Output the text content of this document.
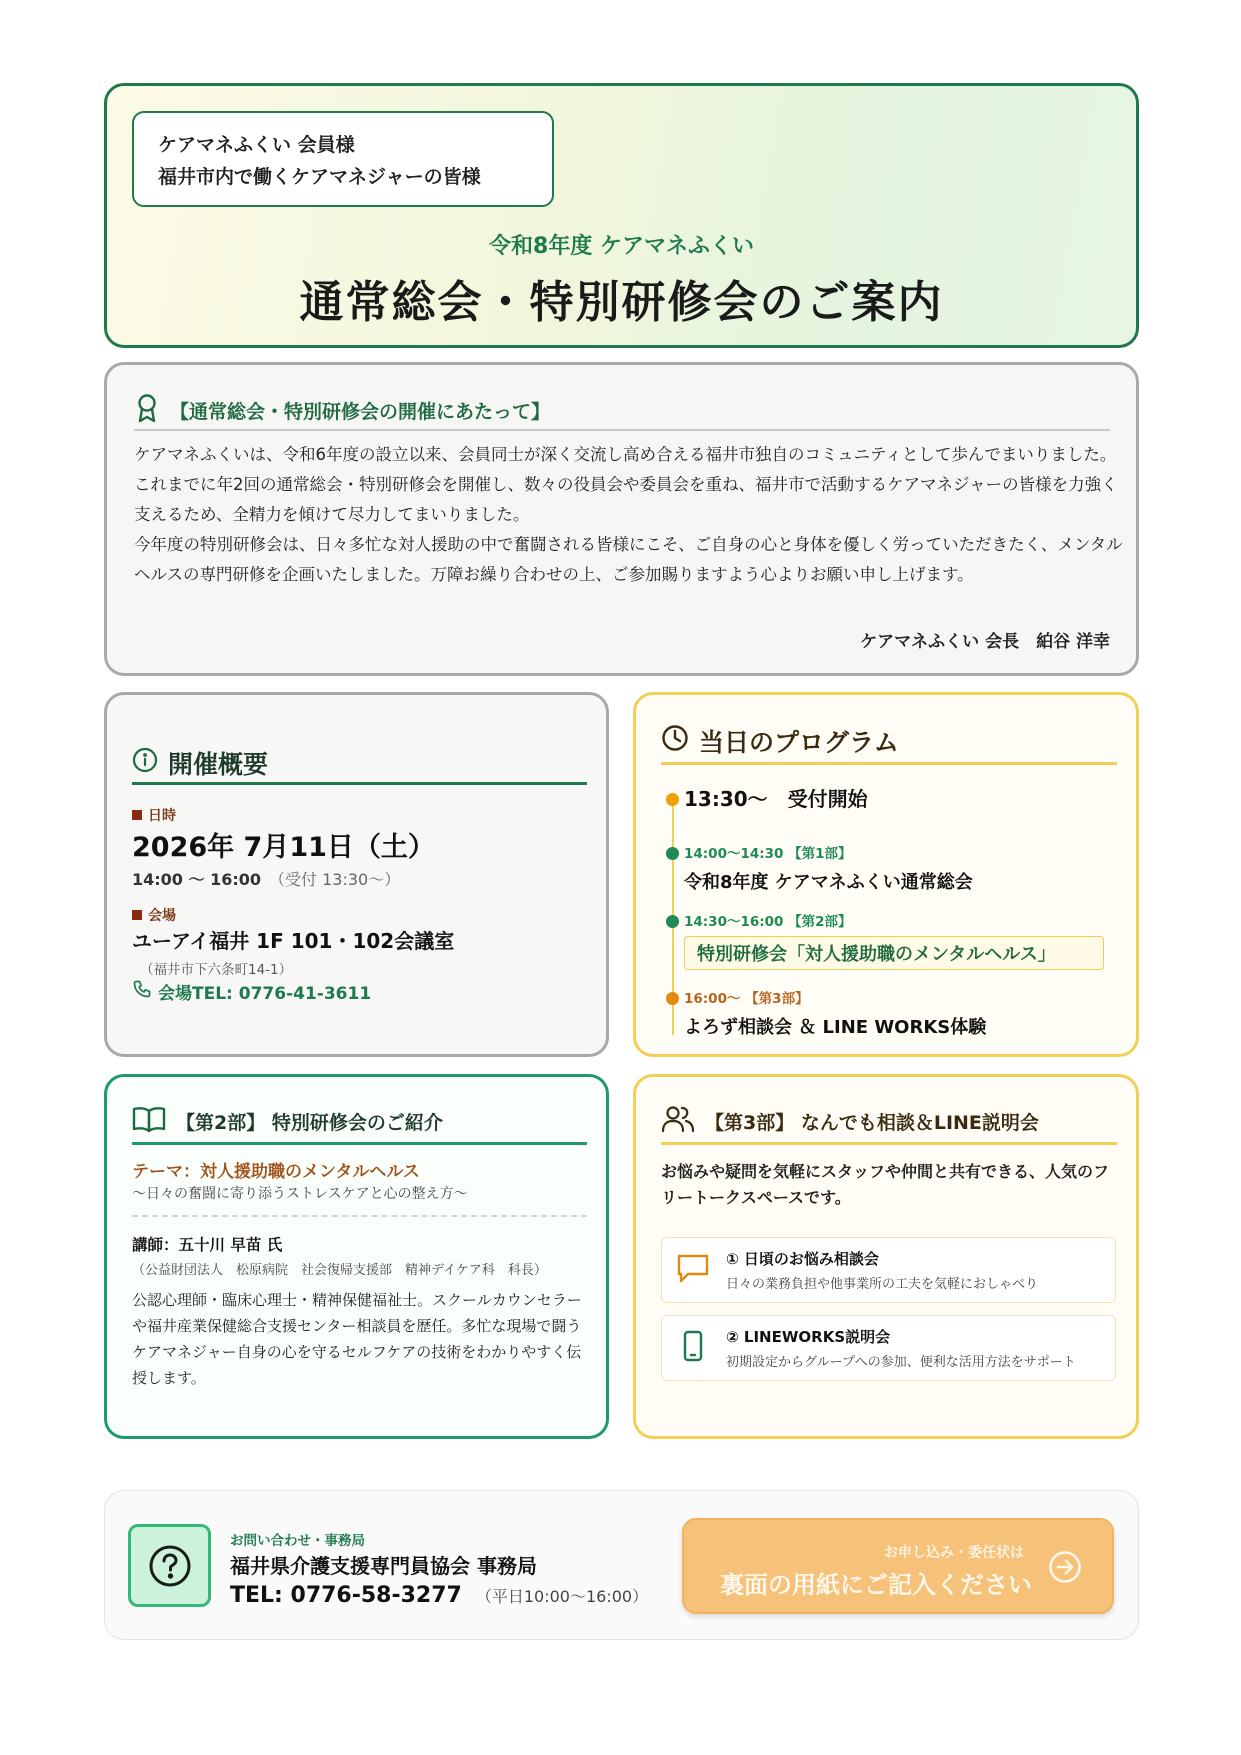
ケアマネふくい 会員様
福井市内で働くケアマネジャーの皆様
令和8年度 ケアマネふくい
通常総会・特別研修会のご案内
【通常総会・特別研修会の開催にあたって】

ケアマネふくいは、令和6年度の設立以来、会員同士が深く交流し高め合える福井市独自のコミュニティとして歩んでまいりました。これまでに年2回の通常総会・特別研修会を開催し、数々の役員会や委員会を重ね、福井市で活動するケアマネジャーの皆様を力強く支えるため、全精力を傾けて尽力してまいりました。

今年度の特別研修会は、日々多忙な対人援助の中で奮闘される皆様にこそ、ご自身の心と身体を優しく労っていただきたく、メンタルヘルスの専門研修を企画いたしました。万障お繰り合わせの上、ご参加賜りますよう心よりお願い申し上げます。

ケアマネふくい 会長　絈谷 洋幸
開催概要
日時
2026年 7月11日（土）
14:00 ～ 16:00 （受付 13:30～）
会場
ユーアイ福井 1F 101・102会議室
（福井市下六条町14-1）
会場TEL: 0776-41-3611
当日のプログラム
13:30～　受付開始
14:00～14:30 【第1部】
令和8年度 ケアマネふくい通常総会
14:30～16:00 【第2部】
特別研修会「対人援助職のメンタルヘルス」
16:00～ 【第3部】
よろず相談会 ＆ LINE WORKS体験
【第2部】 特別研修会のご紹介
テーマ：対人援助職のメンタルヘルス
～日々の奮闘に寄り添うストレスケアと心の整え方～
講師：五十川 早苗 氏
（公益財団法人　松原病院　社会復帰支援部　精神デイケア科　科長）
公認心理師・臨床心理士・精神保健福祉士。スクールカウンセラーや福井産業保健総合支援センター相談員を歴任。多忙な現場で闘うケアマネジャー自身の心を守るセルフケアの技術をわかりやすく伝授します。
【第3部】 なんでも相談＆LINE説明会
お悩みや疑問を気軽にスタッフや仲間と共有できる、人気のフリートークスペースです。
① 日頃のお悩み相談会
日々の業務負担や他事業所の工夫を気軽におしゃべり
② LINEWORKS説明会
初期設定からグループへの参加、便利な活用方法をサポート
お問い合わせ・事務局
福井県介護支援専門員協会 事務局
TEL: 0776-58-3277 （平日10:00～16:00）
お申し込み・委任状は
裏面の用紙にご記入ください
